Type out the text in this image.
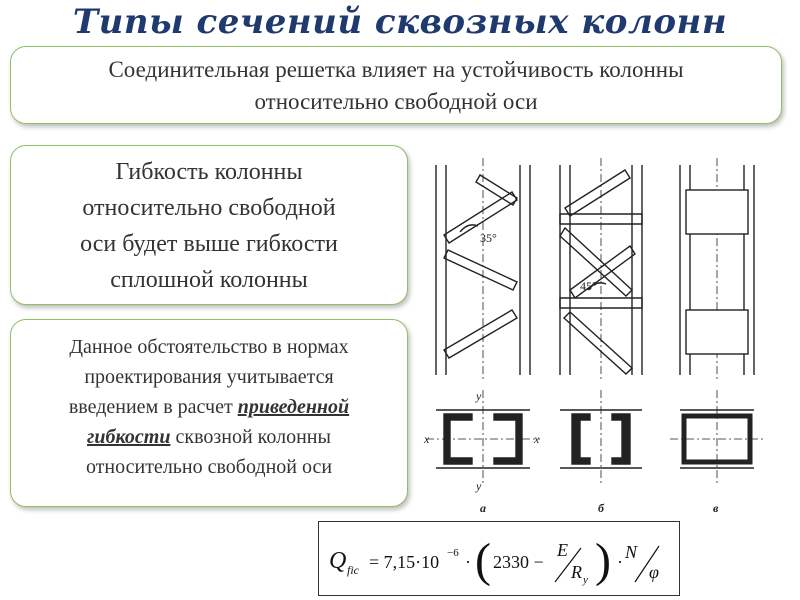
Типы сечений сквозных колонн
Соединительная решетка влияет на устойчивость колонны
относительно свободной оси
Гибкость колонны
относительно свободной
оси будет выше гибкости
сплошной колонны
Данное обстоятельство в нормах
проектирования учитывается
введением в расчет приведенной
гибкости сквозной колонны
относительно свободной оси
35°
45°
y
y
x	x
а	б	в
Q fic = 7,15·10 −6 · ( 2330 −
E
R y ) · N
φ
